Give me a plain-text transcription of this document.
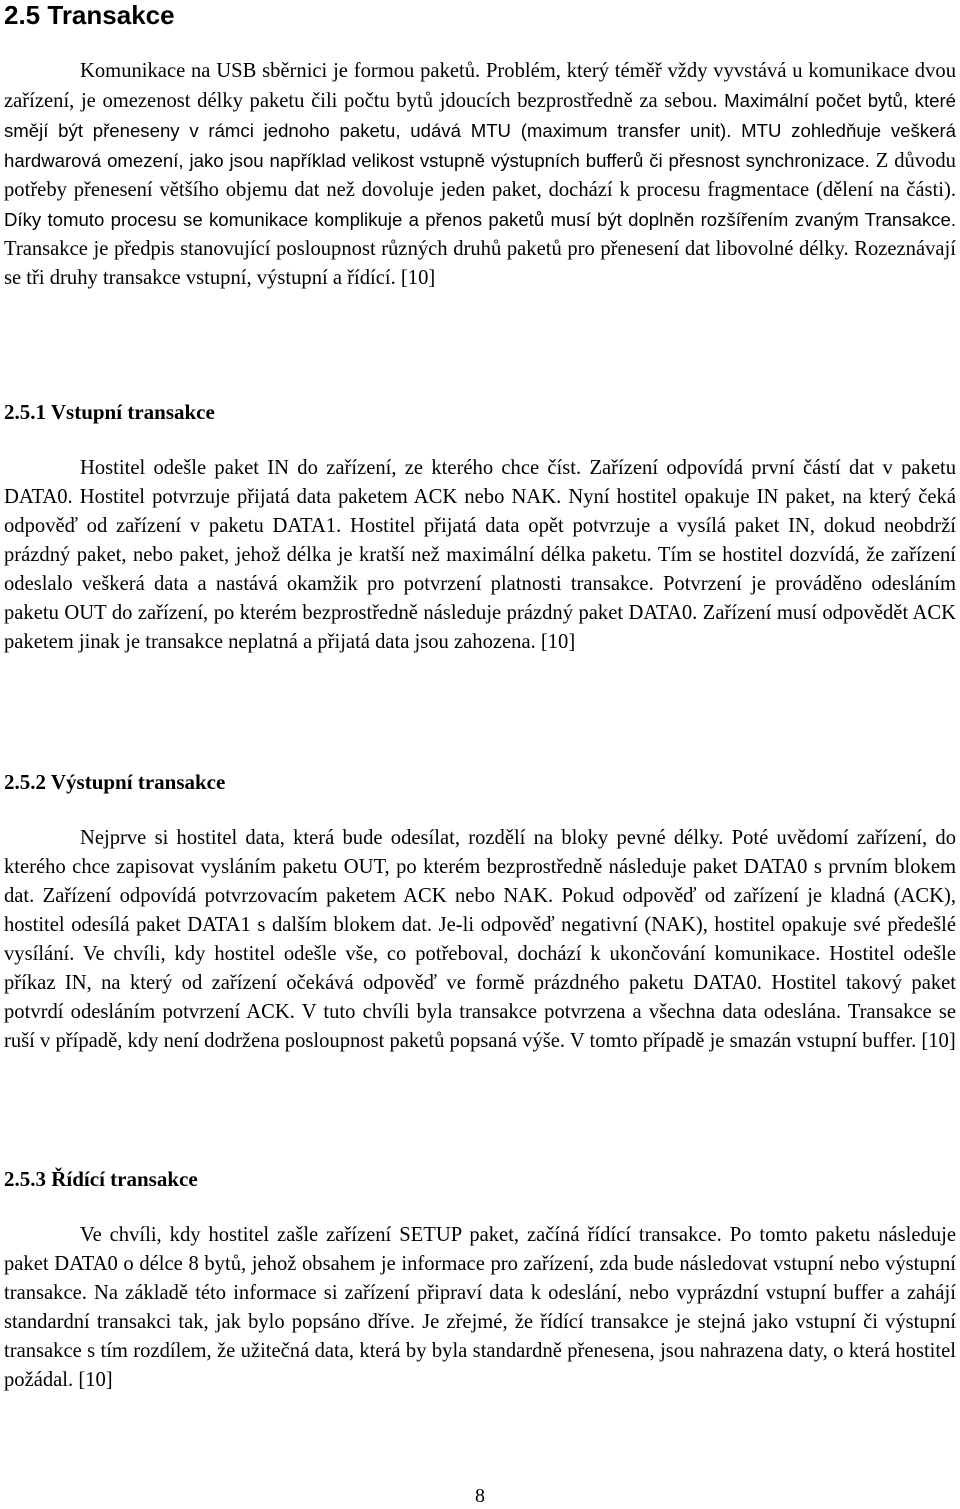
2.5 Transakce

Komunikace na USB sběrnici je formou paketů. Problém, který téměř vždy vyvstává u komunikace dvou zařízení, je omezenost délky paketu čili počtu bytů jdoucích bezprostředně za sebou. Maximální počet bytů, které smějí být přeneseny v rámci jednoho paketu, udává MTU (maximum transfer unit). MTU zohledňuje veškerá hardwarová omezení, jako jsou například velikost vstupně výstupních bufferů či přesnost synchronizace. Z důvodu potřeby přenesení většího objemu dat než dovoluje jeden paket, dochází k procesu fragmentace (dělení na části). Díky tomuto procesu se komunikace komplikuje a přenos paketů musí být doplněn rozšířením zvaným Transakce. Transakce je předpis stanovující posloupnost různých druhů paketů pro přenesení dat libovolné délky. Rozeznávají se tři druhy transakce vstupní, výstupní a řídící. [10]

2.5.1 Vstupní transakce

Hostitel odešle paket IN do zařízení, ze kterého chce číst. Zařízení odpovídá první částí dat v paketu DATA0. Hostitel potvrzuje přijatá data paketem ACK nebo NAK. Nyní hostitel opakuje IN paket, na který čeká odpověď od zařízení v paketu DATA1. Hostitel přijatá data opět potvrzuje a vysílá paket IN, dokud neobdrží prázdný paket, nebo paket, jehož délka je kratší než maximální délka paketu. Tím se hostitel dozvídá, že zařízení odeslalo veškerá data a nastává okamžik pro potvrzení platnosti transakce. Potvrzení je prováděno odesláním paketu OUT do zařízení, po kterém bezprostředně následuje prázdný paket DATA0. Zařízení musí odpovědět ACK paketem jinak je transakce neplatná a přijatá data jsou zahozena. [10]

2.5.2 Výstupní transakce

Nejprve si hostitel data, která bude odesílat, rozdělí na bloky pevné délky. Poté uvědomí zařízení, do kterého chce zapisovat vysláním paketu OUT, po kterém bezprostředně následuje paket DATA0 s prvním blokem dat. Zařízení odpovídá potvrzovacím paketem ACK nebo NAK. Pokud odpověď od zařízení je kladná (ACK), hostitel odesílá paket DATA1 s dalším blokem dat. Je-li odpověď negativní (NAK), hostitel opakuje své předešlé vysílání. Ve chvíli, kdy hostitel odešle vše, co potřeboval, dochází k ukončování komunikace. Hostitel odešle příkaz IN, na který od zařízení očekává odpověď ve formě prázdného paketu DATA0. Hostitel takový paket potvrdí odesláním potvrzení ACK. V tuto chvíli byla transakce potvrzena a všechna data odeslána. Transakce se ruší v případě, kdy není dodržena posloupnost paketů popsaná výše. V tomto případě je smazán vstupní buffer. [10]

2.5.3 Řídící transakce

Ve chvíli, kdy hostitel zašle zařízení SETUP paket, začíná řídící transakce. Po tomto paketu následuje paket DATA0 o délce 8 bytů, jehož obsahem je informace pro zařízení, zda bude následovat vstupní nebo výstupní transakce. Na základě této informace si zařízení připraví data k odeslání, nebo vyprázdní vstupní buffer a zahájí standardní transakci tak, jak bylo popsáno dříve. Je zřejmé, že řídící transakce je stejná jako vstupní či výstupní transakce s tím rozdílem, že užitečná data, která by byla standardně přenesena, jsou nahrazena daty, o která hostitel požádal. [10]

8
